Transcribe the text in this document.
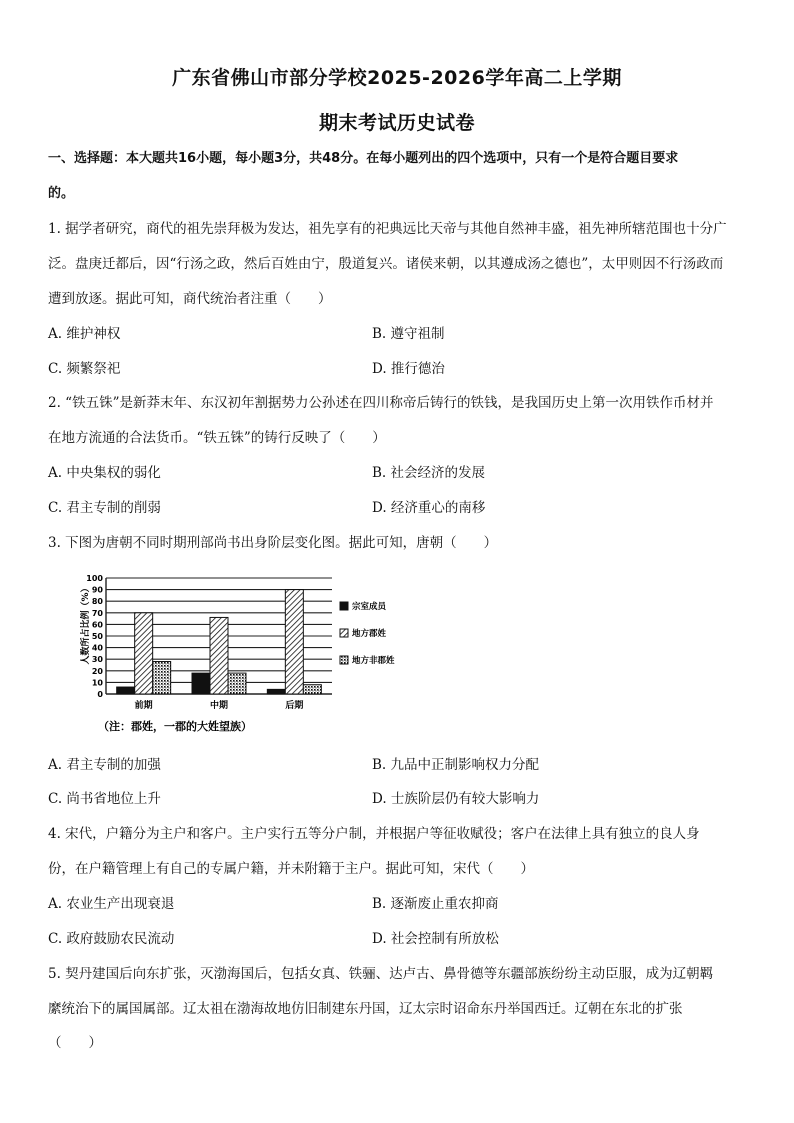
广东省佛山市部分学校2025-2026学年高二上学期
期末考试历史试卷
一、选择题：本大题共16小题，每小题3分，共48分。在每小题列出的四个选项中，只有一个是符合题目要求
的。
1. 据学者研究，商代的祖先崇拜极为发达，祖先享有的祀典远比天帝与其他自然神丰盛，祖先神所辖范围也十分广
泛。盘庚迁都后，因“行汤之政，然后百姓由宁，殷道复兴。诸侯来朝，以其遵成汤之德也”，太甲则因不行汤政而
遭到放逐。据此可知，商代统治者注重（　　）
A. 维护神权	B. 遵守祖制
C. 频繁祭祀	D. 推行德治
2. “铁五铢”是新莽末年、东汉初年割据势力公孙述在四川称帝后铸行的铁钱，是我国历史上第一次用铁作币材并
在地方流通的合法货币。“铁五铢”的铸行反映了（　　）
A. 中央集权的弱化	B. 社会经济的发展
C. 君主专制的削弱	D. 经济重心的南移
3. 下图为唐朝不同时期刑部尚书出身阶层变化图。据此可知，唐朝（　　）
0
10
20
30
40
50
60
70
80
90
100
前期	中期	后期
宗室成员
地方郡姓
地方非郡姓
人数所占比例（%）
（注：郡姓，一郡的大姓望族）
A. 君主专制的加强	B. 九品中正制影响权力分配
C. 尚书省地位上升	D. 士族阶层仍有较大影响力
4. 宋代，户籍分为主户和客户。主户实行五等分户制，并根据户等征收赋役；客户在法律上具有独立的良人身
份，在户籍管理上有自己的专属户籍，并未附籍于主户。据此可知，宋代（　　）
A. 农业生产出现衰退	B. 逐渐废止重农抑商
C. 政府鼓励农民流动	D. 社会控制有所放松
5. 契丹建国后向东扩张，灭渤海国后，包括女真、铁骊、达卢古、鼻骨德等东疆部族纷纷主动臣服，成为辽朝羁
縻统治下的属国属部。辽太祖在渤海故地仿旧制建东丹国，辽太宗时诏命东丹举国西迁。辽朝在东北的扩张
（　　）
